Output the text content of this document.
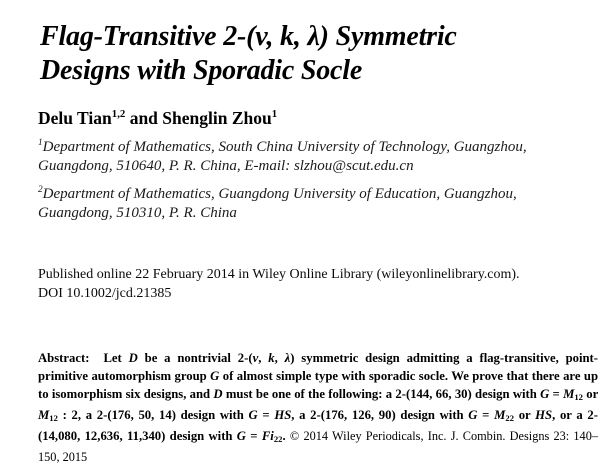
Flag-Transitive 2-(v, k, λ) Symmetric
Designs with Sporadic Socle

Delu Tian$^{1,2}$ and Shenglin Zhou$^1$

$^1$Department of Mathematics, South China University of Technology, Guangzhou,
Guangdong, 510640, P. R. China, E-mail: slzhou@scut.edu.cn

$^2$Department of Mathematics, Guangdong University of Education, Guangzhou,
Guangdong, 510310, P. R. China

Published online 22 February 2014 in Wiley Online Library (wileyonlinelibrary.com).
DOI 10.1002/jcd.21385

Abstract: Let D be a nontrivial 2-(v, k, λ) symmetric design admitting a flag-transitive, point-primitive automorphism group G of almost simple type with sporadic socle. We prove that there are up to isomorphism six designs, and D must be one of the following: a 2-(144, 66, 30) design with G = M12 or M12 : 2, a 2-(176, 50, 14) design with G = HS, a 2-(176, 126, 90) design with G = M22 or HS, or a 2-(14,080, 12,636, 11,340) design with G = Fi22. © 2014 Wiley Periodicals, Inc. J. Combin. Designs 23: 140–150, 2015
